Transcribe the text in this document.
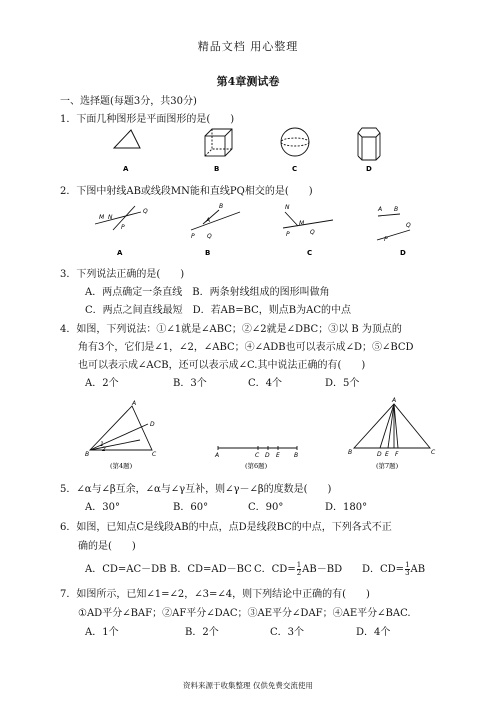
精品文档 用心整理
第4章测试卷
一、选择题(每题3分，共30分)
1．下面几种图形是平面图形的是(　　)
A	B	C	D
2．下图中射线AB或线段MN能和直线PQ相交的是(　　)
M N
P
Q
P Q
A
B	N
M
P	Q
A B
P
Q
A	B	C	D
3．下列说法正确的是(　　)
A．两点确定一条直线　B．两条射线组成的图形叫做角
C．两点之间直线最短　D．若AB=BC，则点B为AC的中点
4．如图，下列说法：①∠1就是∠ABC；②∠2就是∠DBC；③以 B 为顶点的
角有3个，它们是∠1，∠2，∠ABC；④∠ADB也可以表示成∠D；⑤∠BCD
也可以表示成∠ACB，还可以表示成∠C.其中说法正确的有(　　)
A．2个	B．3个	C．4个	D．5个
A
B	C
D
1
2
(第4题)
A	C D E B
(第6题)
A
B	D E F	C
(第7题)
5．∠α与∠β互余，∠α与∠γ互补，则∠γ－∠β的度数是(　　)
A．30°	B．60°	C．90°	D．180°
6．如图，已知点C是线段AB的中点，点D是线段BC的中点，下列各式不正
确的是(　　)
A．CD=AC－DB B．CD=AD－BC C．$CD= \frac{1}{2} AB-BD$ D．$CD= \frac{1}{3}$ AB
7．如图所示，已知∠1=∠2，∠3=∠4，则下列结论中正确的有(　　)
①AD平分∠BAF；②AF平分∠DAC；③AE平分∠DAF；④AE平分∠BAC.
A．1个	B．2个	C．3个	D．4个
资料来源于收集整理 仅供免费交流使用
